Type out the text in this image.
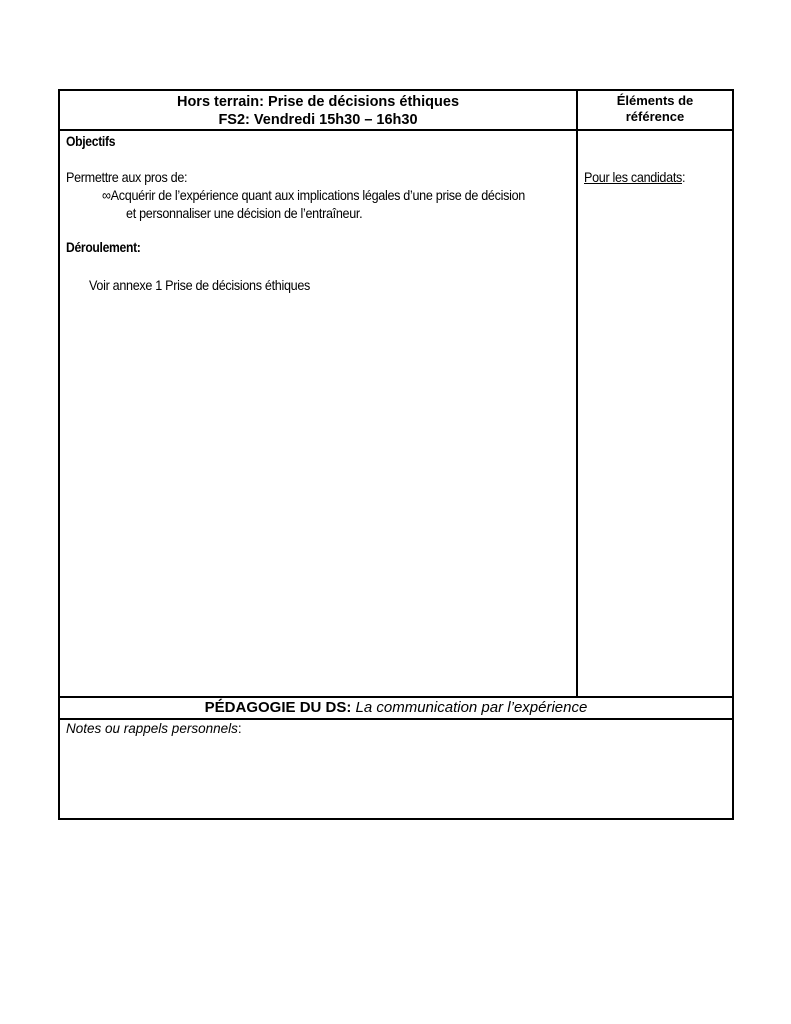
Hors terrain: Prise de décisions éthiques
FS2: Vendredi 15h30 – 16h30
Éléments de
référence
Objectifs
Permettre aux pros de:
∞Acquérir de l’expérience quant aux implications légales d’une prise de décision
et personnaliser une décision de l’entraîneur.
Déroulement:
Voir annexe 1 Prise de décisions éthiques
Pour les candidats:
PÉDAGOGIE DU DS: La communication par l’expérience
Notes ou rappels personnels:
